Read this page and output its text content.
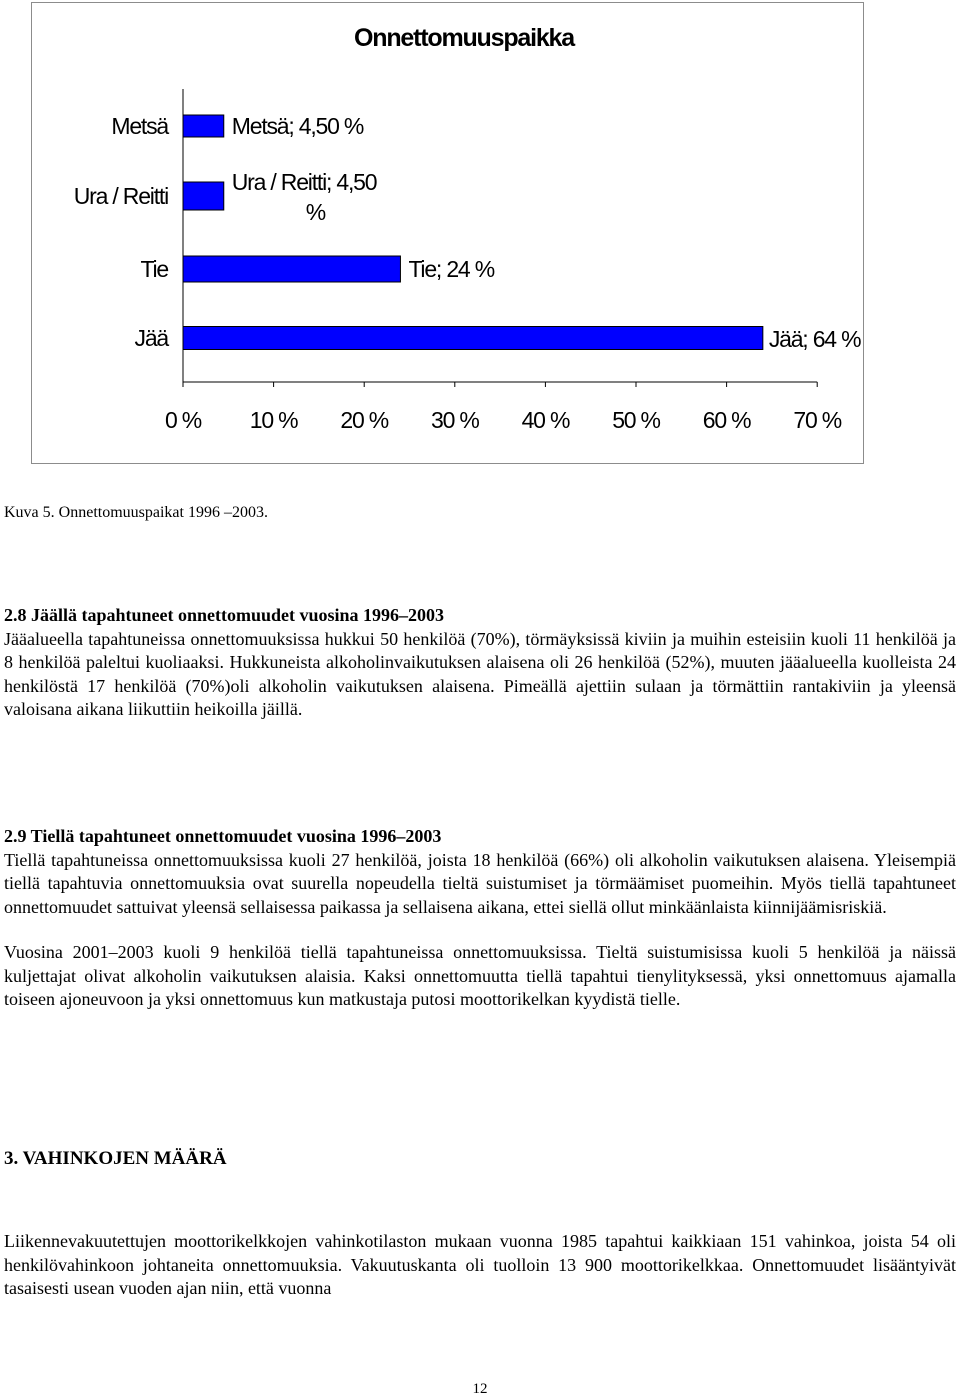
Onnettomuuspaikka
Metsä	Metsä; 4,50 %
Ura / Reitti
Ura / Reitti; 4,50
%
Tie	Tie; 24 %
Jää	Jää; 64 %
0 % 10 % 20 % 30 % 40 % 50 % 60 % 70 %
Kuva 5. Onnettomuuspaikat 1996 –2003.

2.8 Jäällä tapahtuneet onnettomuudet vuosina 1996–2003

Jääalueella tapahtuneissa onnettomuuksissa hukkui 50 henkilöä (70%), törmäyksissä kiviin ja muihin esteisiin kuoli 11 henkilöä ja 8 henkilöä paleltui kuoliaaksi. Hukkuneista alkoholinvaikutuksen alaisena oli 26 henkilöä (52%), muuten jääalueella kuolleista 24 henkilöstä 17 henkilöä (70%)oli alkoholin vaikutuksen alaisena. Pimeällä ajettiin sulaan ja törmättiin rantakiviin ja yleensä valoisana aikana liikuttiin heikoilla jäillä.

2.9 Tiellä tapahtuneet onnettomuudet vuosina 1996–2003

Tiellä tapahtuneissa onnettomuuksissa kuoli 27 henkilöä, joista 18 henkilöä (66%) oli alkoholin vaikutuksen alaisena. Yleisempiä tiellä tapahtuvia onnettomuuksia ovat suurella nopeudella tieltä suistumiset ja törmäämiset puomeihin. Myös tiellä tapahtuneet onnettomuudet sattuivat yleensä sellaisessa paikassa ja sellaisena aikana, ettei siellä ollut minkäänlaista kiinnijäämisriskiä.

Vuosina 2001–2003 kuoli 9 henkilöä tiellä tapahtuneissa onnettomuuksissa. Tieltä suistumisissa kuoli 5 henkilöä ja näissä kuljettajat olivat alkoholin vaikutuksen alaisia. Kaksi onnettomuutta tiellä tapahtui tienylityksessä, yksi onnettomuus ajamalla toiseen ajoneuvoon ja yksi onnettomuus kun matkustaja putosi moottorikelkan kyydistä tielle.

3. VAHINKOJEN MÄÄRÄ

Liikennevakuutettujen moottorikelkkojen vahinkotilaston mukaan vuonna 1985 tapahtui kaikkiaan 151 vahinkoa, joista 54 oli henkilövahinkoon johtaneita onnettomuuksia. Vakuutuskanta oli tuolloin 13 900 moottorikelkkaa. Onnettomuudet lisääntyivät tasaisesti usean vuoden ajan niin, että vuonna

12
